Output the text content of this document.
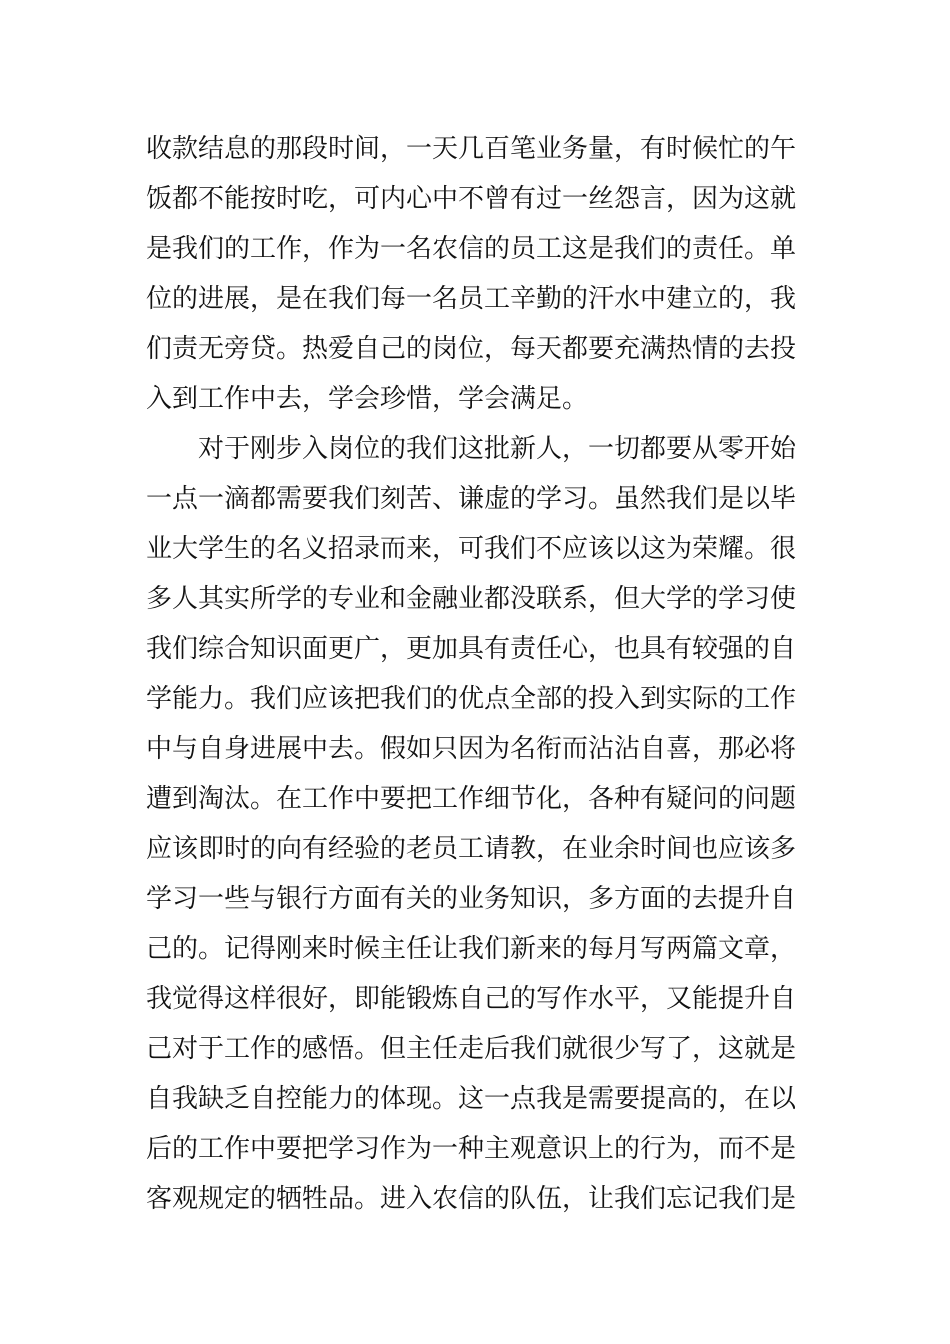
收款结息的那段时间，一天几百笔业务量，有时候忙的午
饭都不能按时吃，可内心中不曾有过一丝怨言，因为这就
是我们的工作，作为一名农信的员工这是我们的责任。单
位的进展，是在我们每一名员工辛勤的汗水中建立的，我
们责无旁贷。热爱自己的岗位，每天都要充满热情的去投
入到工作中去，学会珍惜，学会满足。
对于刚步入岗位的我们这批新人，一切都要从零开始
一点一滴都需要我们刻苦、谦虚的学习。虽然我们是以毕
业大学生的名义招录而来，可我们不应该以这为荣耀。很
多人其实所学的专业和金融业都没联系，但大学的学习使
我们综合知识面更广，更加具有责任心，也具有较强的自
学能力。我们应该把我们的优点全部的投入到实际的工作
中与自身进展中去。假如只因为名衔而沾沾自喜，那必将
遭到淘汰。在工作中要把工作细节化，各种有疑问的问题
应该即时的向有经验的老员工请教，在业余时间也应该多
学习一些与银行方面有关的业务知识，多方面的去提升自
己的。记得刚来时候主任让我们新来的每月写两篇文章，
我觉得这样很好，即能锻炼自己的写作水平，又能提升自
己对于工作的感悟。但主任走后我们就很少写了，这就是
自我缺乏自控能力的体现。这一点我是需要提高的，在以
后的工作中要把学习作为一种主观意识上的行为，而不是
客观规定的牺牲品。进入农信的队伍，让我们忘记我们是
